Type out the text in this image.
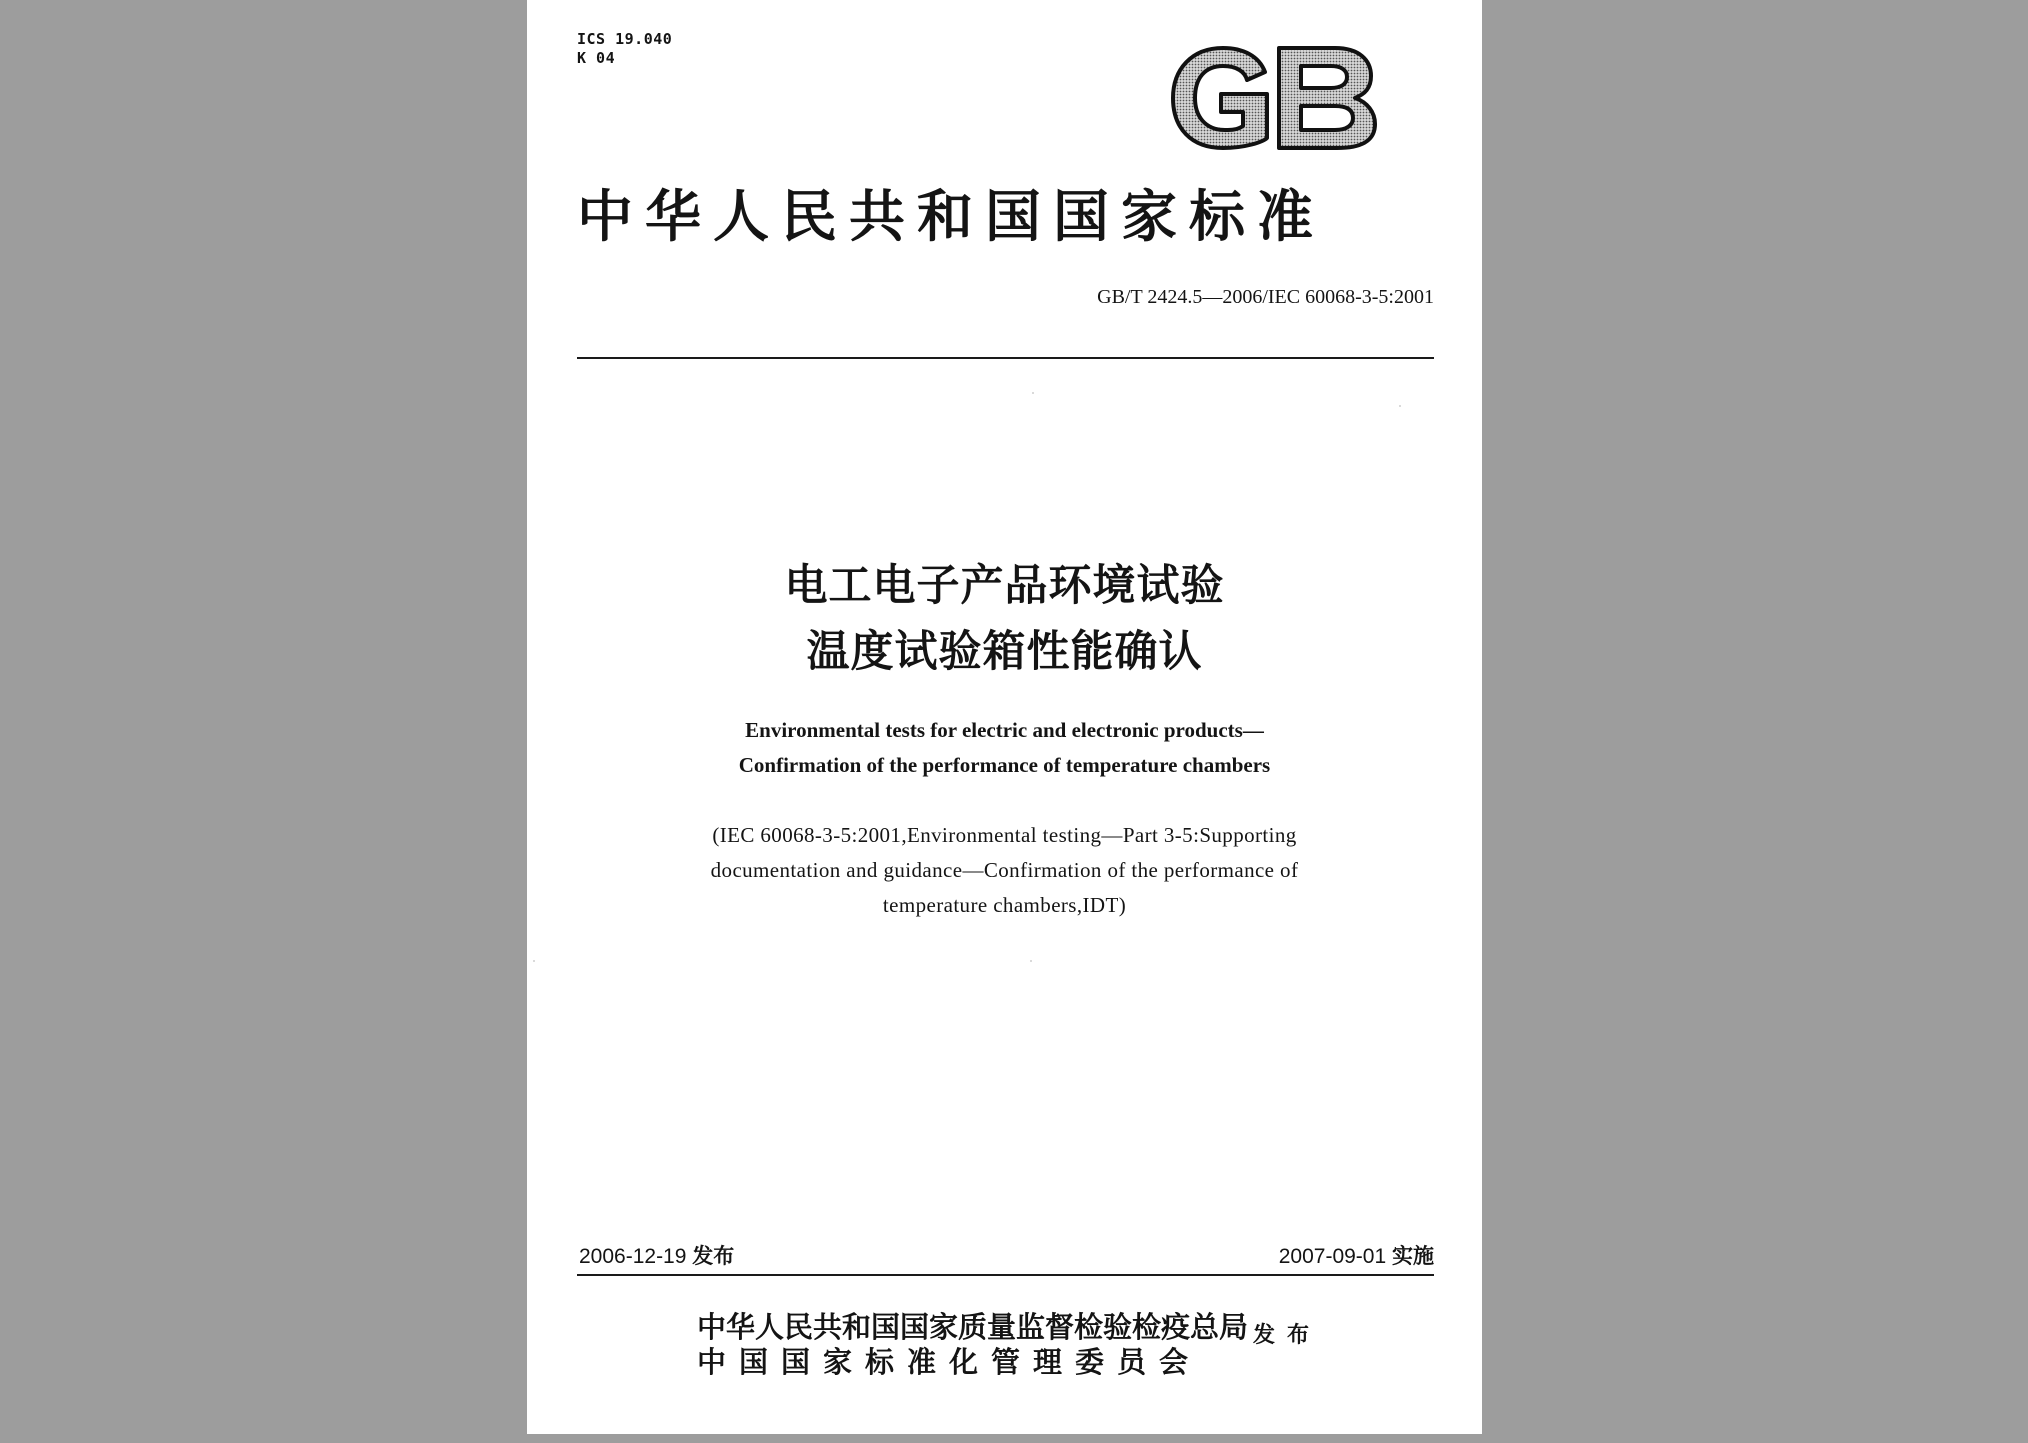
ICS 19.040
K 04
中华人民共和国国家标准
GB/T 2424.5—2006/IEC 60068-3-5:2001
电工电子产品环境试验
温度试验箱性能确认
Environmental tests for electric and electronic products—
Confirmation of the performance of temperature chambers
(IEC 60068-3-5:2001,Environmental testing—Part 3-5:Supporting
documentation and guidance—Confirmation of the performance of
temperature chambers,IDT)
2006-12-19 发布	2007-09-01 实施
中华人民共和国国家质量监督检验检疫总局
中国国家标准化管理委员会
发布
